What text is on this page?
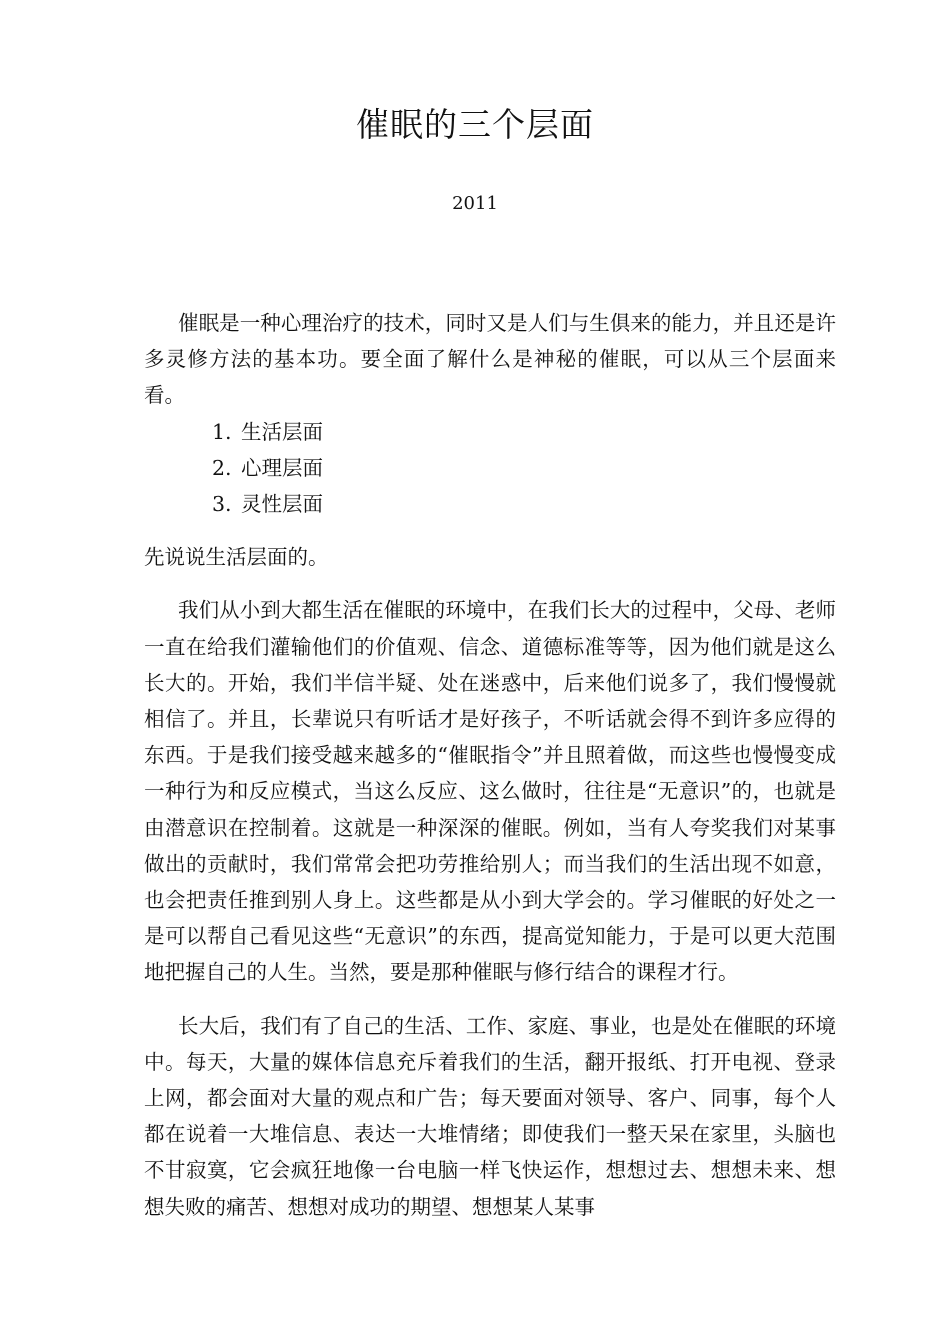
催眠的三个层面
2011

催眠是一种心理治疗的技术，同时又是人们与生俱来的能力，并且还是许多灵修方法的基本功。要全面了解什么是神秘的催眠，可以从三个层面来看。

1. 生活层面
2. 心理层面
3. 灵性层面

先说说生活层面的。

我们从小到大都生活在催眠的环境中，在我们长大的过程中，父母、老师一直在给我们灌输他们的价值观、信念、道德标准等等，因为他们就是这么长大的。开始，我们半信半疑、处在迷惑中，后来他们说多了，我们慢慢就相信了。并且，长辈说只有听话才是好孩子，不听话就会得不到许多应得的东西。于是我们接受越来越多的“催眠指令”并且照着做，而这些也慢慢变成一种行为和反应模式，当这么反应、这么做时，往往是“无意识”的，也就是由潜意识在控制着。这就是一种深深的催眠。例如，当有人夸奖我们对某事做出的贡献时，我们常常会把功劳推给别人；而当我们的生活出现不如意，也会把责任推到别人身上。这些都是从小到大学会的。学习催眠的好处之一是可以帮自己看见这些“无意识”的东西，提高觉知能力，于是可以更大范围地把握自己的人生。当然，要是那种催眠与修行结合的课程才行。

长大后，我们有了自己的生活、工作、家庭、事业，也是处在催眠的环境中。每天，大量的媒体信息充斥着我们的生活，翻开报纸、打开电视、登录上网，都会面对大量的观点和广告；每天要面对领导、客户、同事，每个人都在说着一大堆信息、表达一大堆情绪；即使我们一整天呆在家里，头脑也不甘寂寞，它会疯狂地像一台电脑一样飞快运作，想想过去、想想未来、想想失败的痛苦、想想对成功的期望、想想某人某事
